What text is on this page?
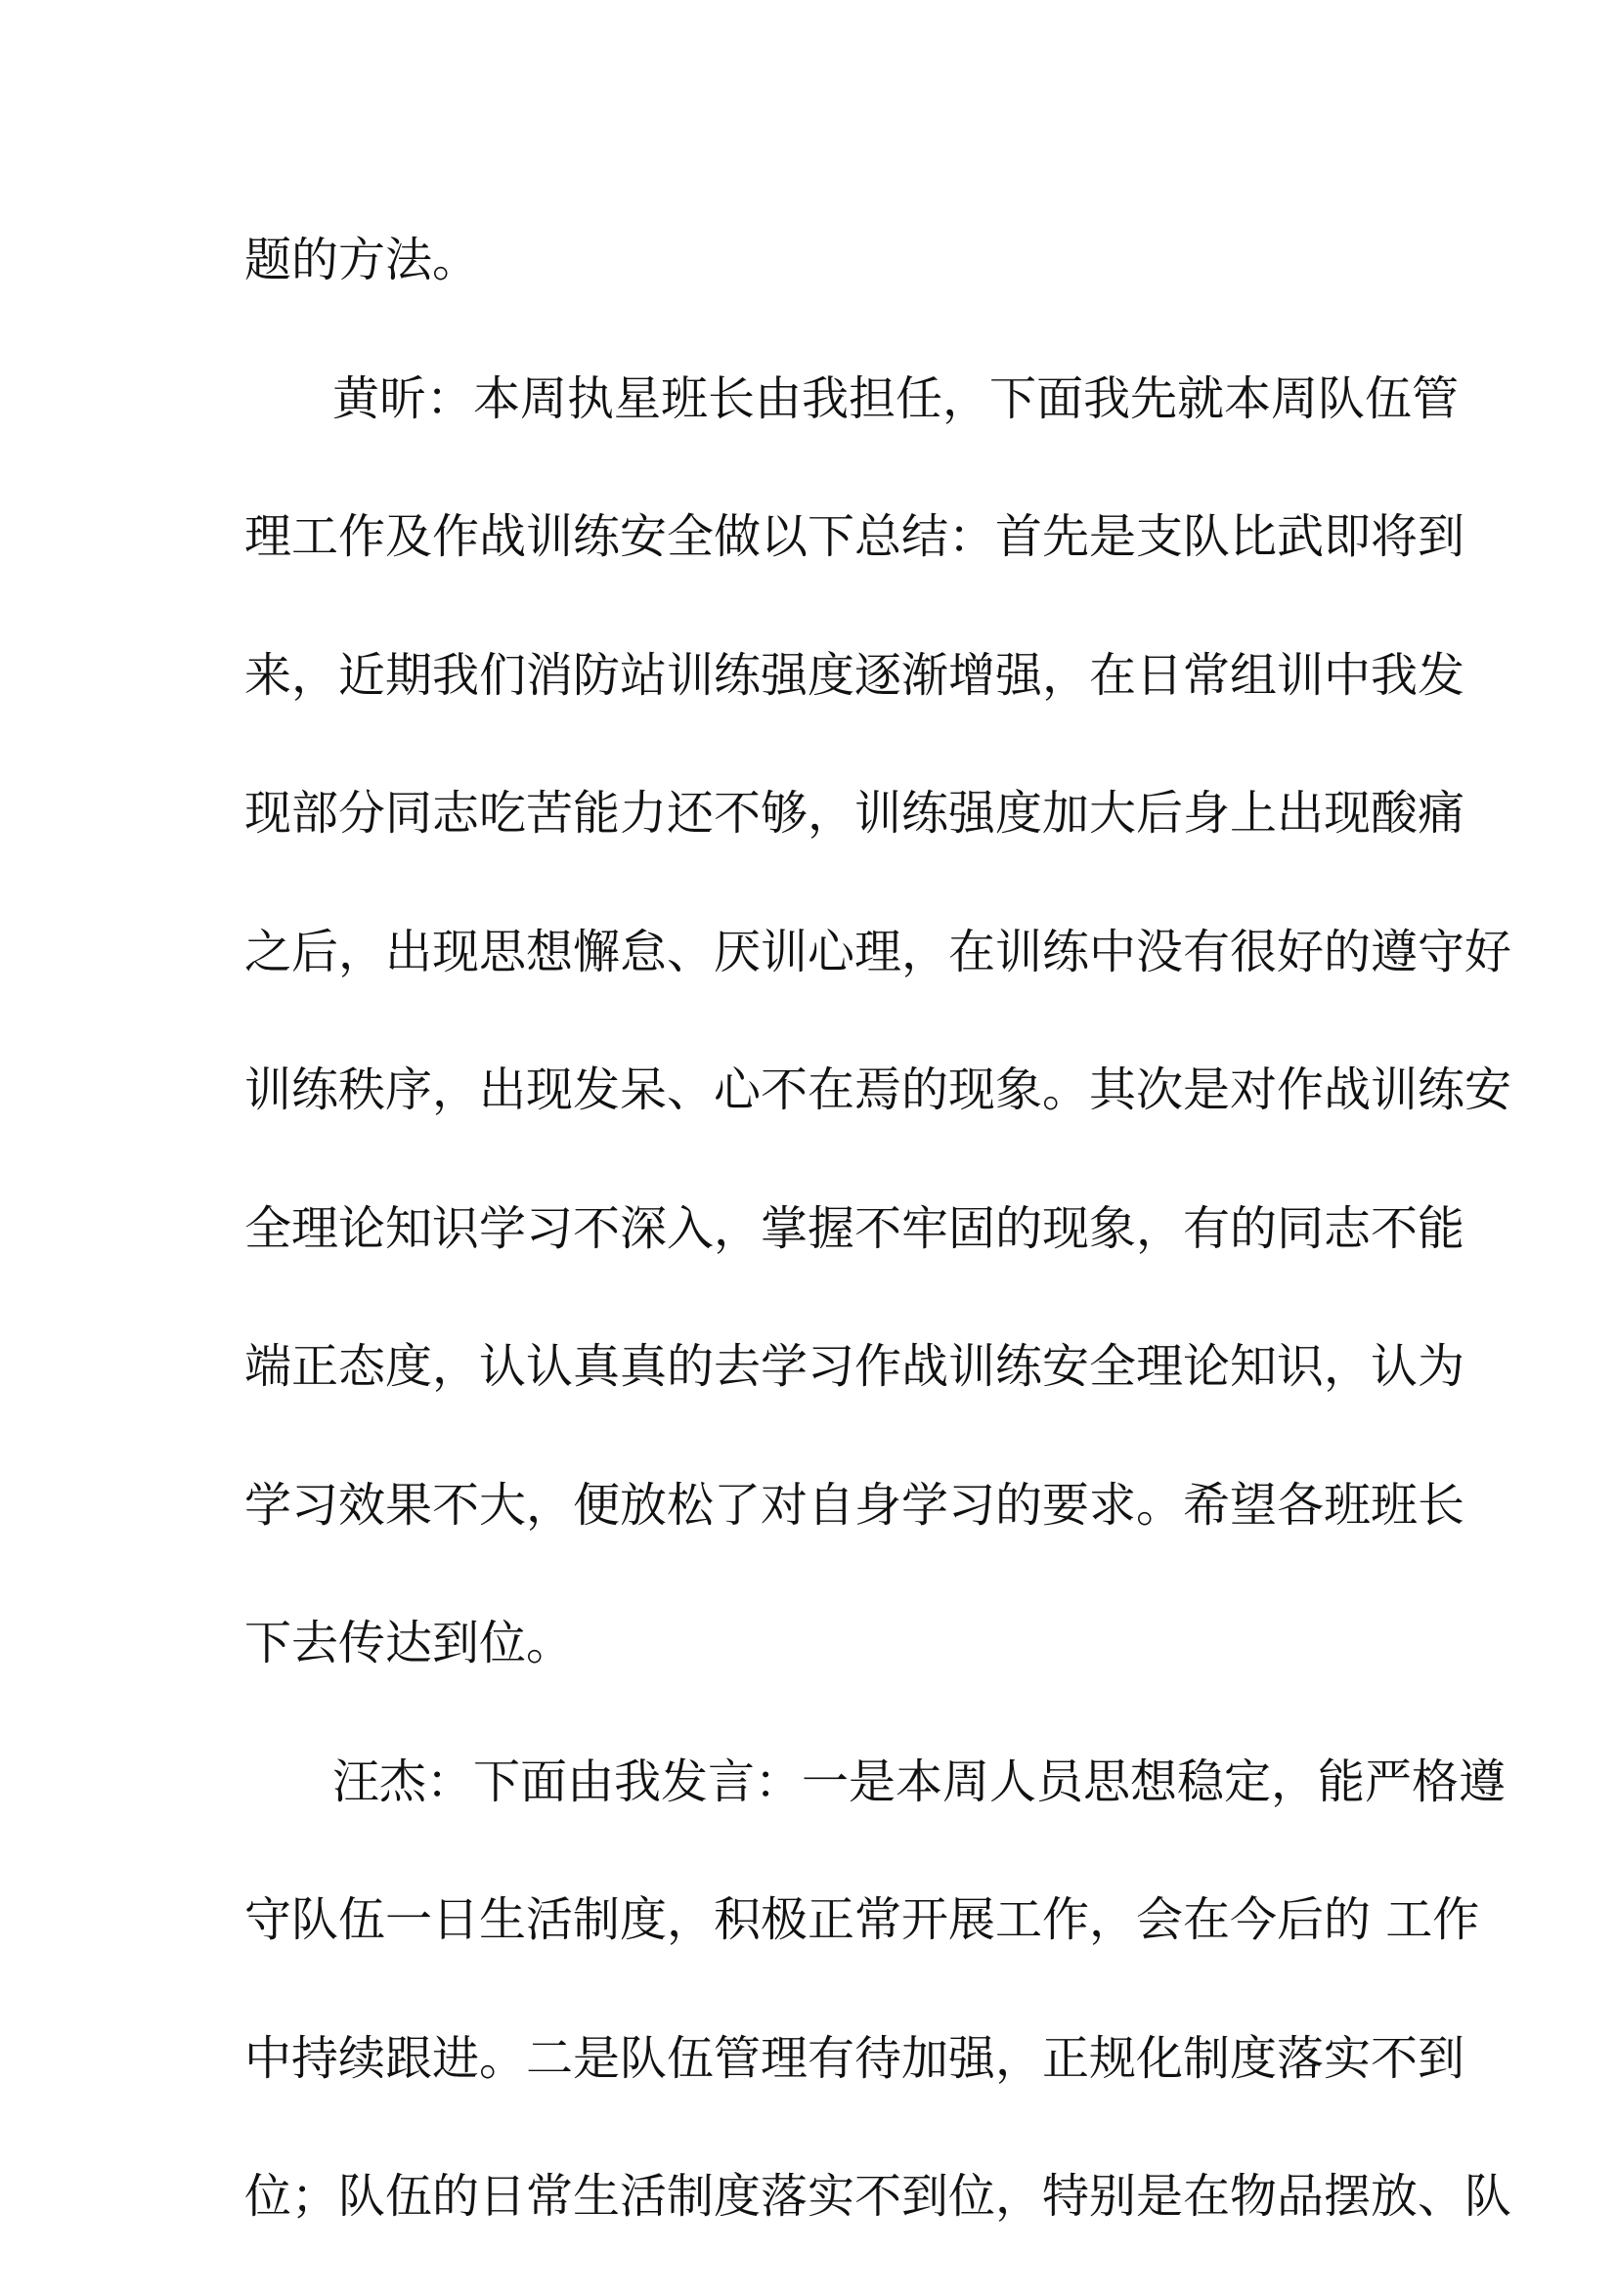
题的方法。
黄昕：本周执星班长由我担任，下面我先就本周队伍管
理工作及作战训练安全做以下总结：首先是支队比武即将到
来，近期我们消防站训练强度逐渐增强，在日常组训中我发
现部分同志吃苦能力还不够，训练强度加大后身上出现酸痛
之后，出现思想懈怠、厌训心理，在训练中没有很好的遵守好
训练秩序，出现发呆、心不在焉的现象。其次是对作战训练安
全理论知识学习不深入，掌握不牢固的现象，有的同志不能
端正态度，认认真真的去学习作战训练安全理论知识，认为
学习效果不大，便放松了对自身学习的要求。希望各班班长
下去传达到位。
汪杰：下面由我发言：一是本周人员思想稳定，能严格遵
守队伍一日生活制度，积极正常开展工作，会在今后的 工作
中持续跟进。二是队伍管理有待加强，正规化制度落实不到
位；队伍的日常生活制度落实不到位，特别是在物品摆放、队
